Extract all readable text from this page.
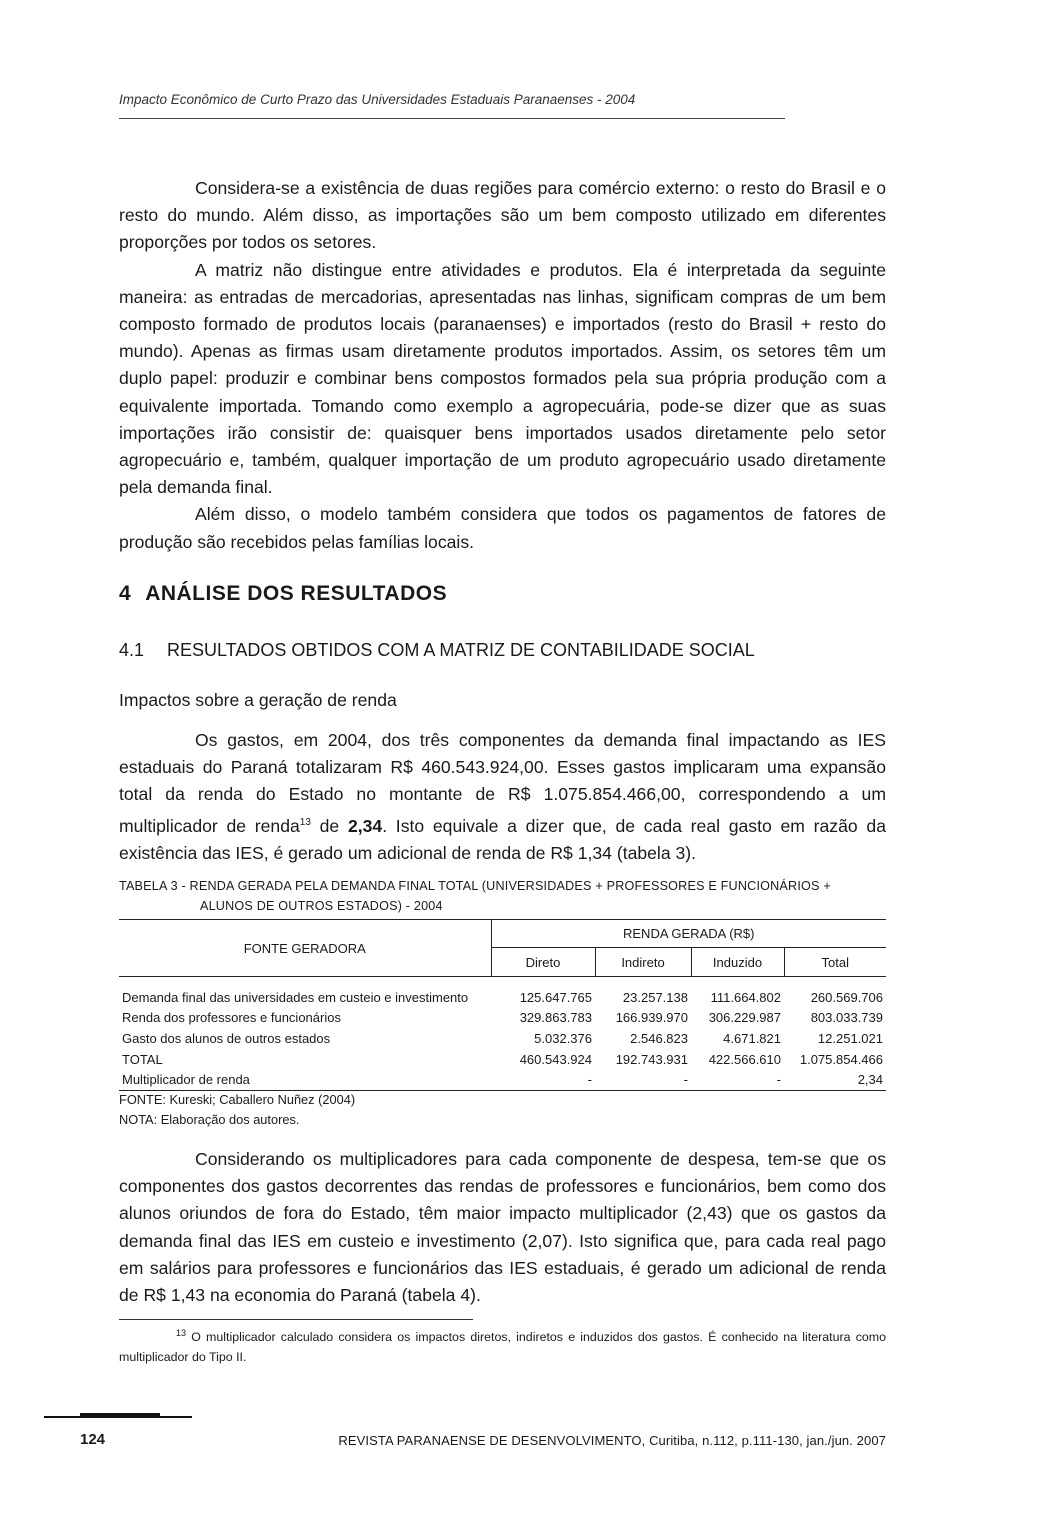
Impacto Econômico de Curto Prazo das Universidades Estaduais Paranaenses - 2004

Considera-se a existência de duas regiões para comércio externo: o resto do Brasil e o resto do mundo. Além disso, as importações são um bem composto utilizado em diferentes proporções por todos os setores.

A matriz não distingue entre atividades e produtos. Ela é interpretada da seguinte maneira: as entradas de mercadorias, apresentadas nas linhas, significam compras de um bem composto formado de produtos locais (paranaenses) e importados (resto do Brasil + resto do mundo). Apenas as firmas usam diretamente produtos importados. Assim, os setores têm um duplo papel: produzir e combinar bens compostos formados pela sua própria produção com a equivalente importada. Tomando como exemplo a agropecuária, pode-se dizer que as suas importações irão consistir de: quaisquer bens importados usados diretamente pelo setor agropecuário e, também, qualquer importação de um produto agropecuário usado diretamente pela demanda final.

Além disso, o modelo também considera que todos os pagamentos de fatores de produção são recebidos pelas famílias locais.

4 ANÁLISE DOS RESULTADOS
4.1 RESULTADOS OBTIDOS COM A MATRIZ DE CONTABILIDADE SOCIAL
Impactos sobre a geração de renda

Os gastos, em 2004, dos três componentes da demanda final impactando as IES estaduais do Paraná totalizaram R$ 460.543.924,00. Esses gastos implicaram uma expansão total da renda do Estado no montante de R$ 1.075.854.466,00, correspondendo a um multiplicador de renda$^{13}$ de 2,34. Isto equivale a dizer que, de cada real gasto em razão da existência das IES, é gerado um adicional de renda de R$ 1,34 (tabela 3).

TABELA 3 - RENDA GERADA PELA DEMANDA FINAL TOTAL (UNIVERSIDADES + PROFESSORES E FUNCIONÁRIOS +
ALUNOS DE OUTROS ESTADOS) - 2004
FONTE GERADORA	RENDA GERADA (R$)			
	Direto	Indireto	Induzido	Total

Demanda final das universidades em custeio e investimento	125.647.765	23.257.138	111.664.802	260.569.706
Renda dos professores e funcionários	329.863.783	166.939.970	306.229.987	803.033.739
Gasto dos alunos de outros estados	5.032.376	2.546.823	4.671.821	12.251.021
TOTAL	460.543.924	192.743.931	422.566.610	1.075.854.466
Multiplicador de renda	-	-	-	2,34
FONTE: Kureski; Caballero Nuñez (2004)
NOTA: Elaboração dos autores.

Considerando os multiplicadores para cada componente de despesa, tem-se que os componentes dos gastos decorrentes das rendas de professores e funcionários, bem como dos alunos oriundos de fora do Estado, têm maior impacto multiplicador (2,43) que os gastos da demanda final das IES em custeio e investimento (2,07). Isto significa que, para cada real pago em salários para professores e funcionários das IES estaduais, é gerado um adicional de renda de R$ 1,43 na economia do Paraná (tabela 4).

$^{13}$ O multiplicador calculado considera os impactos diretos, indiretos e induzidos dos gastos. É conhecido na literatura como multiplicador do Tipo II.

124	REVISTA PARANAENSE DE DESENVOLVIMENTO, Curitiba, n.112, p.111-130, jan./jun. 2007
